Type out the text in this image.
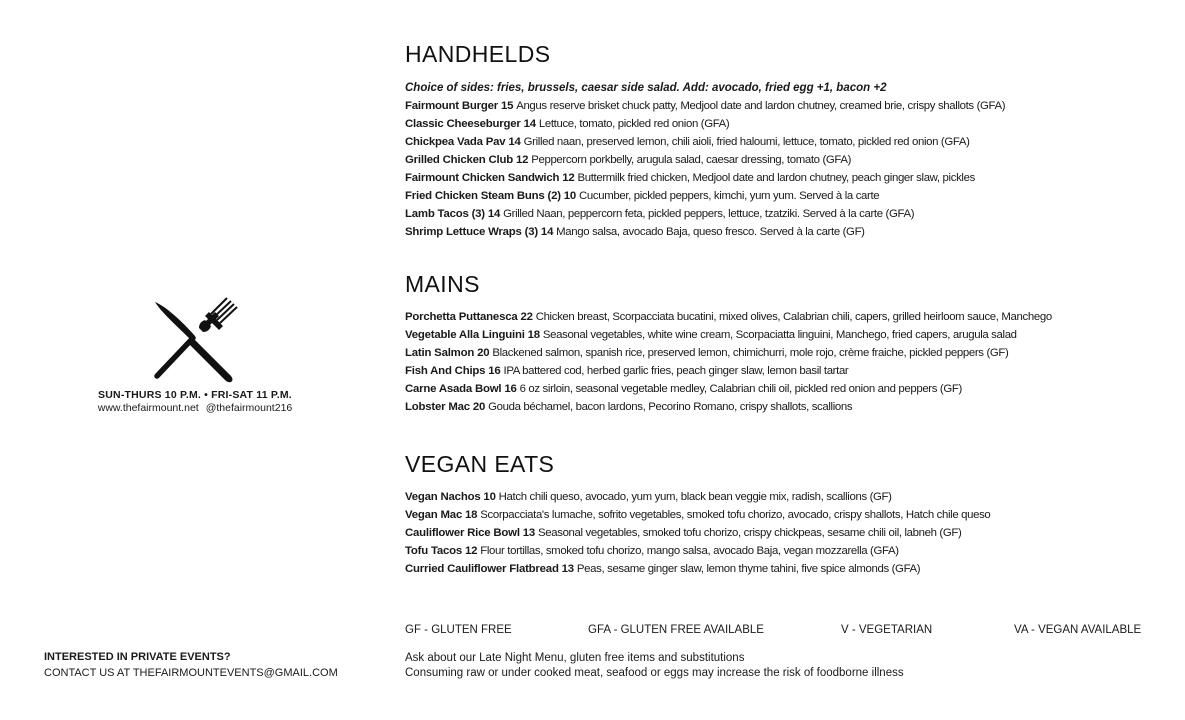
SUN-THURS 10 P.M. • FRI-SAT 11 P.M.
www.thefairmount.net @thefairmount216
INTERESTED IN PRIVATE EVENTS?
CONTACT US AT THEFAIRMOUNTEVENTS@GMAIL.COM
HANDHELDS
Choice of sides: fries, brussels, caesar side salad. Add: avocado, fried egg +1, bacon +2
Fairmount Burger 15 Angus reserve brisket chuck patty, Medjool date and lardon chutney, creamed brie, crispy shallots (GFA)
Classic Cheeseburger 14 Lettuce, tomato, pickled red onion (GFA)
Chickpea Vada Pav 14 Grilled naan, preserved lemon, chili aioli, fried haloumi, lettuce, tomato, pickled red onion (GFA)
Grilled Chicken Club 12 Peppercorn porkbelly, arugula salad, caesar dressing, tomato (GFA)
Fairmount Chicken Sandwich 12 Buttermilk fried chicken, Medjool date and lardon chutney, peach ginger slaw, pickles
Fried Chicken Steam Buns (2) 10 Cucumber, pickled peppers, kimchi, yum yum. Served à la carte
Lamb Tacos (3) 14 Grilled Naan, peppercorn feta, pickled peppers, lettuce, tzatziki. Served à la carte (GFA)
Shrimp Lettuce Wraps (3) 14 Mango salsa, avocado Baja, queso fresco. Served à la carte (GF)
MAINS
Porchetta Puttanesca 22 Chicken breast, Scorpacciata bucatini, mixed olives, Calabrian chili, capers, grilled heirloom sauce, Manchego
Vegetable Alla Linguini 18 Seasonal vegetables, white wine cream, Scorpaciatta linguini, Manchego, fried capers, arugula salad
Latin Salmon 20 Blackened salmon, spanish rice, preserved lemon, chimichurri, mole rojo, crème fraiche, pickled peppers (GF)
Fish And Chips 16 IPA battered cod, herbed garlic fries, peach ginger slaw, lemon basil tartar
Carne Asada Bowl 16 6 oz sirloin, seasonal vegetable medley, Calabrian chili oil, pickled red onion and peppers (GF)
Lobster Mac 20 Gouda béchamel, bacon lardons, Pecorino Romano, crispy shallots, scallions
VEGAN EATS
Vegan Nachos 10 Hatch chili queso, avocado, yum yum, black bean veggie mix, radish, scallions (GF)
Vegan Mac 18 Scorpacciata's lumache, sofrito vegetables, smoked tofu chorizo, avocado, crispy shallots, Hatch chile queso
Cauliflower Rice Bowl 13 Seasonal vegetables, smoked tofu chorizo, crispy chickpeas, sesame chili oil, labneh (GF)
Tofu Tacos 12 Flour tortillas, smoked tofu chorizo, mango salsa, avocado Baja, vegan mozzarella (GFA)
Curried Cauliflower Flatbread 13 Peas, sesame ginger slaw, lemon thyme tahini, five spice almonds (GFA)
GF - GLUTEN FREE	GFA - GLUTEN FREE AVAILABLE	V - VEGETARIAN	VA - VEGAN AVAILABLE
Ask about our Late Night Menu, gluten free items and substitutions
Consuming raw or under cooked meat, seafood or eggs may increase the risk of foodborne illness
